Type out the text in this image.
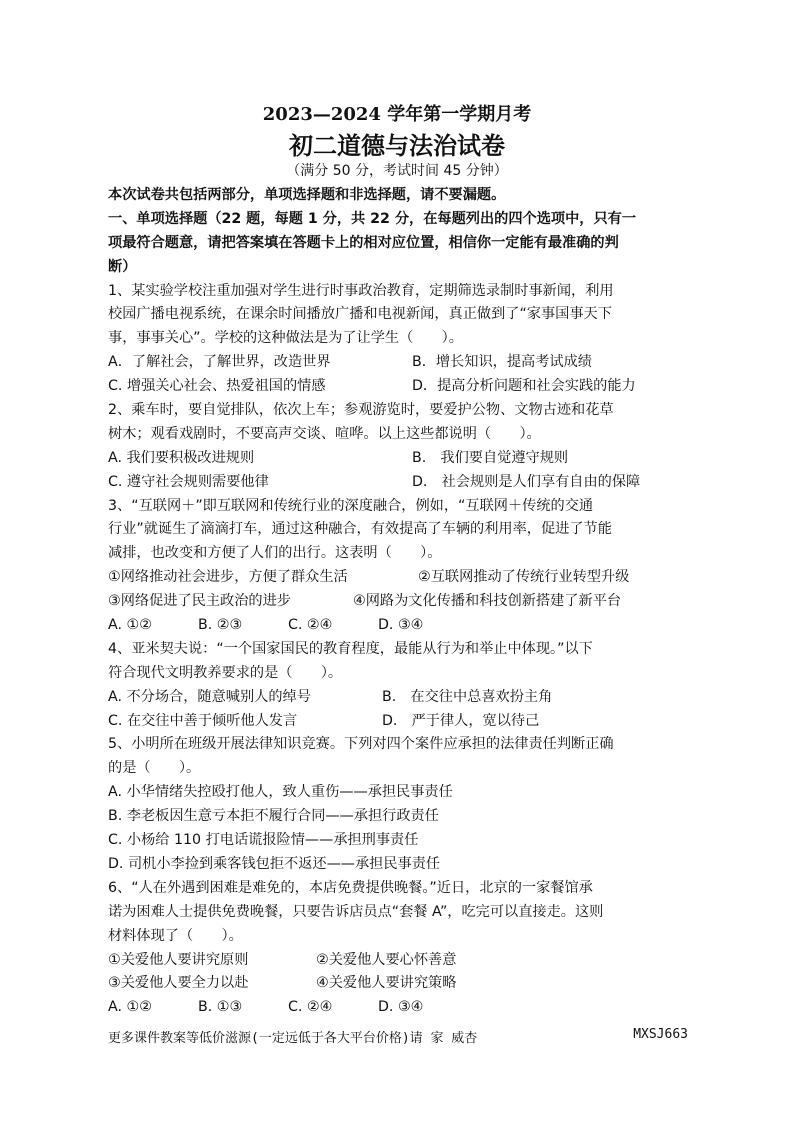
2023—2024 学年第一学期月考
初二道德与法治试卷
（满分 50 分，考试时间 45 分钟）
本次试卷共包括两部分，单项选择题和非选择题，请不要漏题。
一、单项选择题（22 题，每题 1 分，共 22 分，在每题列出的四个选项中，只有一
项最符合题意，请把答案填在答题卡上的相对应位置，相信你一定能有最准确的判
断）
1、某实验学校注重加强对学生进行时事政治教育，定期筛选录制时事新闻，利用
校园广播电视系统，在课余时间播放广播和电视新闻，真正做到了“家事国事天下
事，事事关心”。学校的这种做法是为了让学生（　　）。
A．了解社会，了解世界，改造世界	B．增长知识，提高考试成绩
C. 增强关心社会、热爱祖国的情感	D．提高分析问题和社会实践的能力
2、乘车时，要自觉排队，依次上车；参观游览时，要爱护公物、文物古迹和花草
树木；观看戏剧时，不要高声交谈、喧哗。以上这些都说明（　　）。
A. 我们要积极改进规则	B.　我们要自觉遵守规则
C. 遵守社会规则需要他律	D.　社会规则是人们享有自由的保障
3、“互联网＋”即互联网和传统行业的深度融合，例如，“互联网＋传统的交通
行业”就诞生了滴滴打车，通过这种融合，有效提高了车辆的利用率，促进了节能
减排，也改变和方便了人们的出行。这表明（　　）。
①网络推动社会进步，方便了群众生活	②互联网推动了传统行业转型升级
③网络促进了民主政治的进步	④网路为文化传播和科技创新搭建了新平台
A. ①②	B. ②③	C. ②④	D. ③④
4、亚米契夫说：“一个国家国民的教育程度，最能从行为和举止中体现。”以下
符合现代文明教养要求的是（　　）。
A. 不分场合，随意喊别人的绰号	B.　在交往中总喜欢扮主角
C. 在交往中善于倾听他人发言	D.　严于律人，宽以待己
5、小明所在班级开展法律知识竞赛。下列对四个案件应承担的法律责任判断正确
的是（　　）。
A. 小华情绪失控殴打他人，致人重伤——承担民事责任
B. 李老板因生意亏本拒不履行合同——承担行政责任
C. 小杨给 110 打电话谎报险情——承担刑事责任
D. 司机小李捡到乘客钱包拒不返还——承担民事责任
6、“人在外遇到困难是难免的，本店免费提供晚餐。”近日，北京的一家餐馆承
诺为困难人士提供免费晚餐，只要告诉店员点“套餐 A”，吃完可以直接走。这则
材料体现了（　　）。
①关爱他人要讲究原则	②关爱他人要心怀善意
③关爱他人要全力以赴	④关爱他人要讲究策略
A. ①②	B. ①③	C. ②④	D. ③④
更多课件教案等低价滋源(一定远低于各大平台价格)请 家 威杏	MXSJ663
